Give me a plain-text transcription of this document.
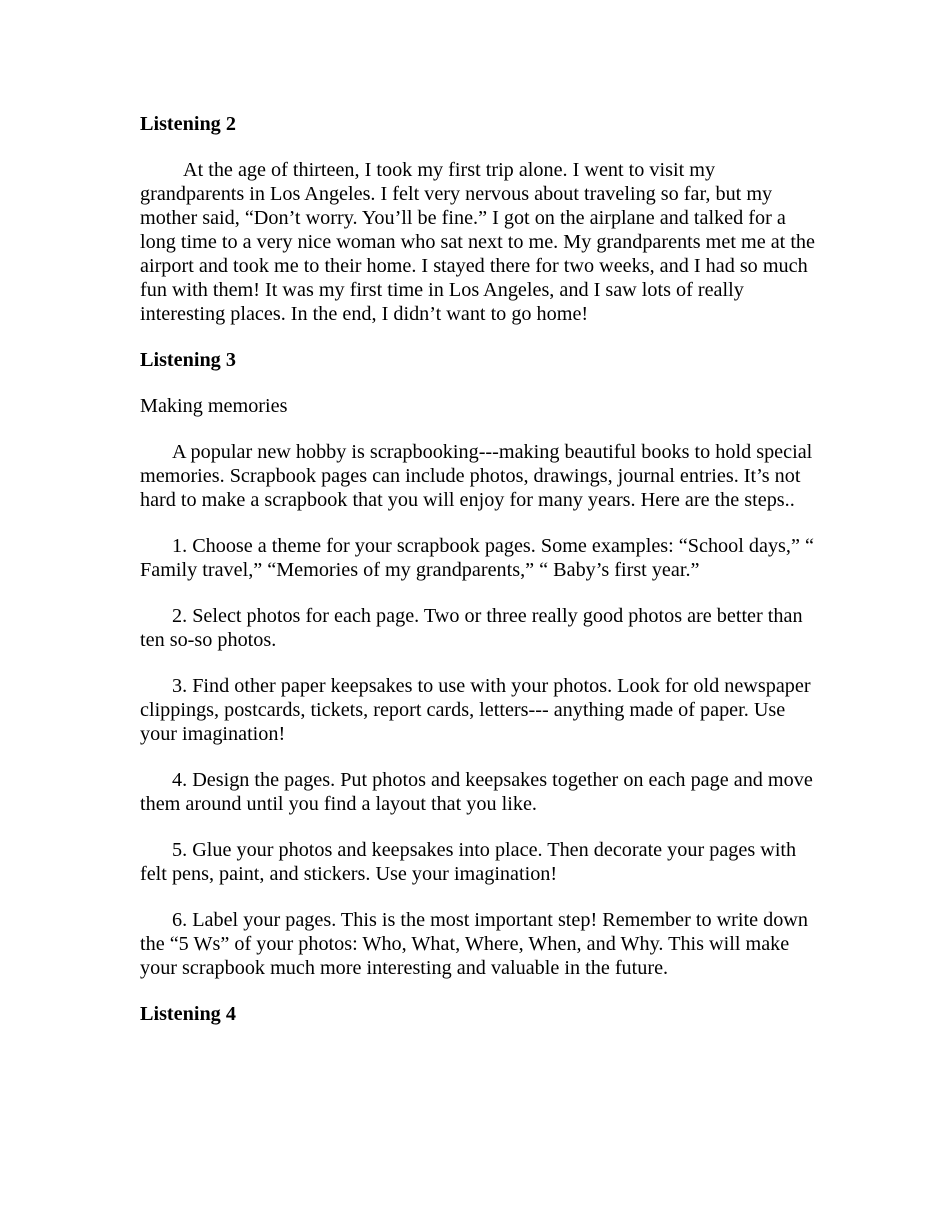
Listening 2
At the age of thirteen, I took my first trip alone. I went to visit my grandparents in Los Angeles. I felt very nervous about traveling so far, but my mother said, “Don’t worry. You’ll be fine.” I got on the airplane and talked for a long time to a very nice woman who sat next to me. My grandparents met me at the airport and took me to their home. I stayed there for two weeks, and I had so much fun with them! It was my first time in Los Angeles, and I saw lots of really interesting places. In the end, I didn’t want to go home!
Listening 3
Making memories
A popular new hobby is scrapbooking---making beautiful books to hold special memories. Scrapbook pages can include photos, drawings, journal entries. It’s not hard to make a scrapbook that you will enjoy for many years. Here are the steps..
1. Choose a theme for your scrapbook pages. Some examples: “School days,” “ Family travel,” “Memories of my grandparents,” “ Baby’s first year.”
2. Select photos for each page. Two or three really good photos are better than ten so-so photos.
3. Find other paper keepsakes to use with your photos. Look for old newspaper clippings, postcards, tickets, report cards, letters--- anything made of paper. Use your imagination!
4. Design the pages. Put photos and keepsakes together on each page and move them around until you find a layout that you like.
5. Glue your photos and keepsakes into place. Then decorate your pages with felt pens, paint, and stickers. Use your imagination!
6. Label your pages. This is the most important step! Remember to write down the “5 Ws” of your photos: Who, What, Where, When, and Why. This will make your scrapbook much more interesting and valuable in the future.
Listening 4
